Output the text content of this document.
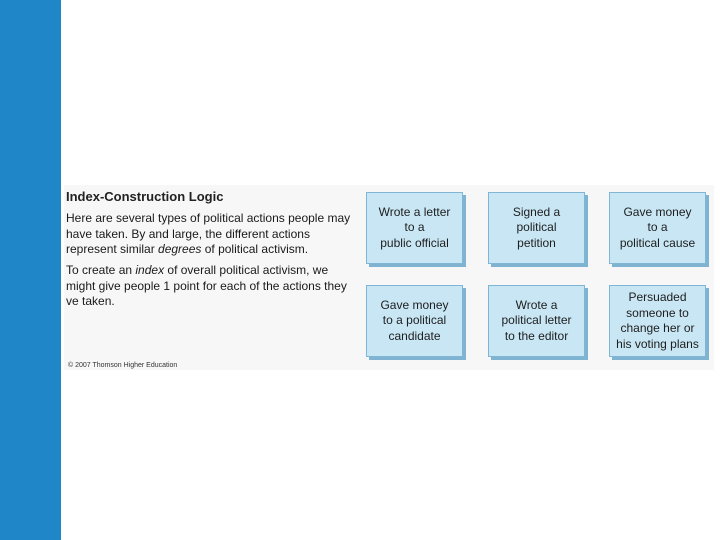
Index-Construction Logic
Here are several types of political actions people may have taken. By and large, the different actions represent similar degrees of political activism.
To create an index of overall political activism, we might give people 1 point for each of the actions they ve taken.
Wrote a letter
to a
public official
Signed a
political
petition
Gave money
to a
political cause
Gave money
to a political
candidate
Wrote a
political letter
to the editor
Persuaded
someone to
change her or
his voting plans
© 2007 Thomson Higher Education
